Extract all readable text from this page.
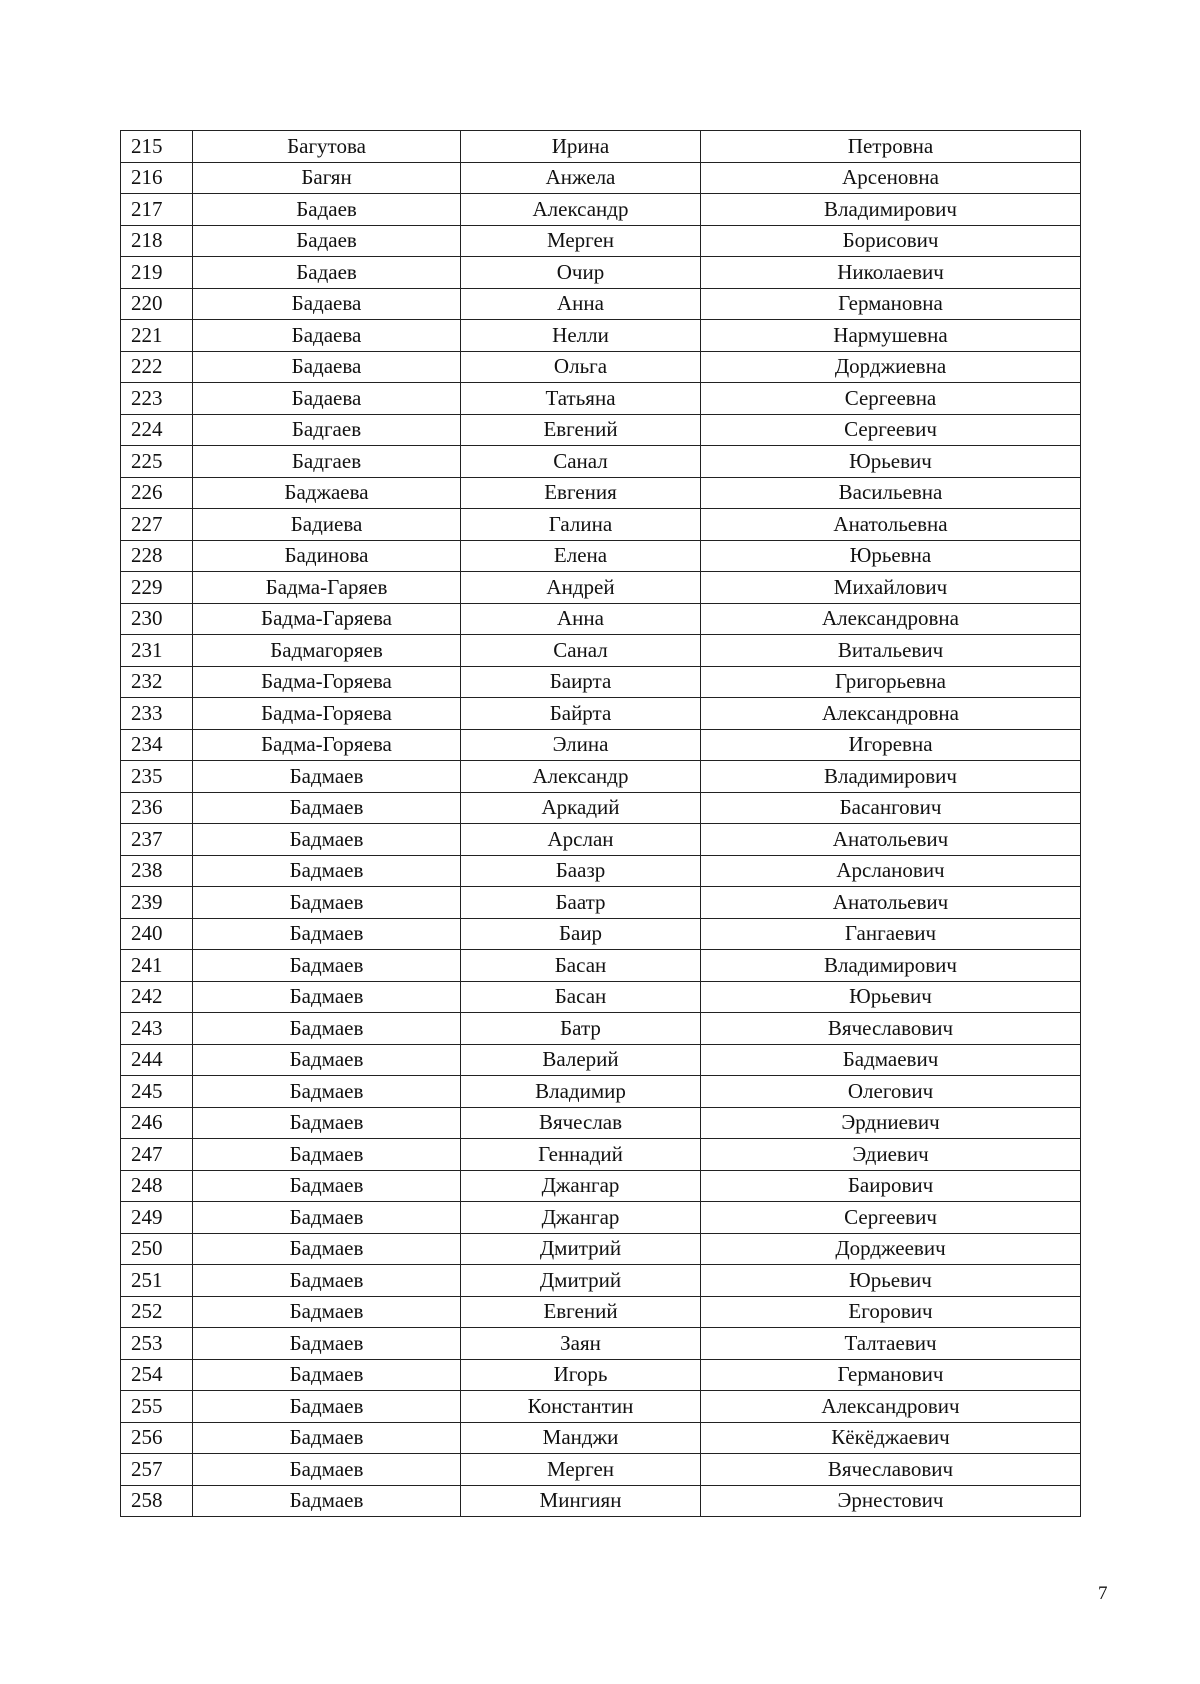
215	Багутова	Ирина	Петровна
216	Багян	Анжела	Арсеновна
217	Бадаев	Александр	Владимирович
218	Бадаев	Мерген	Борисович
219	Бадаев	Очир	Николаевич
220	Бадаева	Анна	Германовна
221	Бадаева	Нелли	Нармушевна
222	Бадаева	Ольга	Дорджиевна
223	Бадаева	Татьяна	Сергеевна
224	Бадгаев	Евгений	Сергеевич
225	Бадгаев	Санал	Юрьевич
226	Баджаева	Евгения	Васильевна
227	Бадиева	Галина	Анатольевна
228	Бадинова	Елена	Юрьевна
229	Бадма-Гаряев	Андрей	Михайлович
230	Бадма-Гаряева	Анна	Александровна
231	Бадмагоряев	Санал	Витальевич
232	Бадма-Горяева	Баирта	Григорьевна
233	Бадма-Горяева	Байрта	Александровна
234	Бадма-Горяева	Элина	Игоревна
235	Бадмаев	Александр	Владимирович
236	Бадмаев	Аркадий	Басангович
237	Бадмаев	Арслан	Анатольевич
238	Бадмаев	Баазр	Арсланович
239	Бадмаев	Баатр	Анатольевич
240	Бадмаев	Баир	Гангаевич
241	Бадмаев	Басан	Владимирович
242	Бадмаев	Басан	Юрьевич
243	Бадмаев	Батр	Вячеславович
244	Бадмаев	Валерий	Бадмаевич
245	Бадмаев	Владимир	Олегович
246	Бадмаев	Вячеслав	Эрдниевич
247	Бадмаев	Геннадий	Эдиевич
248	Бадмаев	Джангар	Баирович
249	Бадмаев	Джангар	Сергеевич
250	Бадмаев	Дмитрий	Дорджеевич
251	Бадмаев	Дмитрий	Юрьевич
252	Бадмаев	Евгений	Егорович
253	Бадмаев	Заян	Талтаевич
254	Бадмаев	Игорь	Германович
255	Бадмаев	Константин	Александрович
256	Бадмаев	Манджи	Кёкёджаевич
257	Бадмаев	Мерген	Вячеславович
258	Бадмаев	Мингиян	Эрнестович
7
